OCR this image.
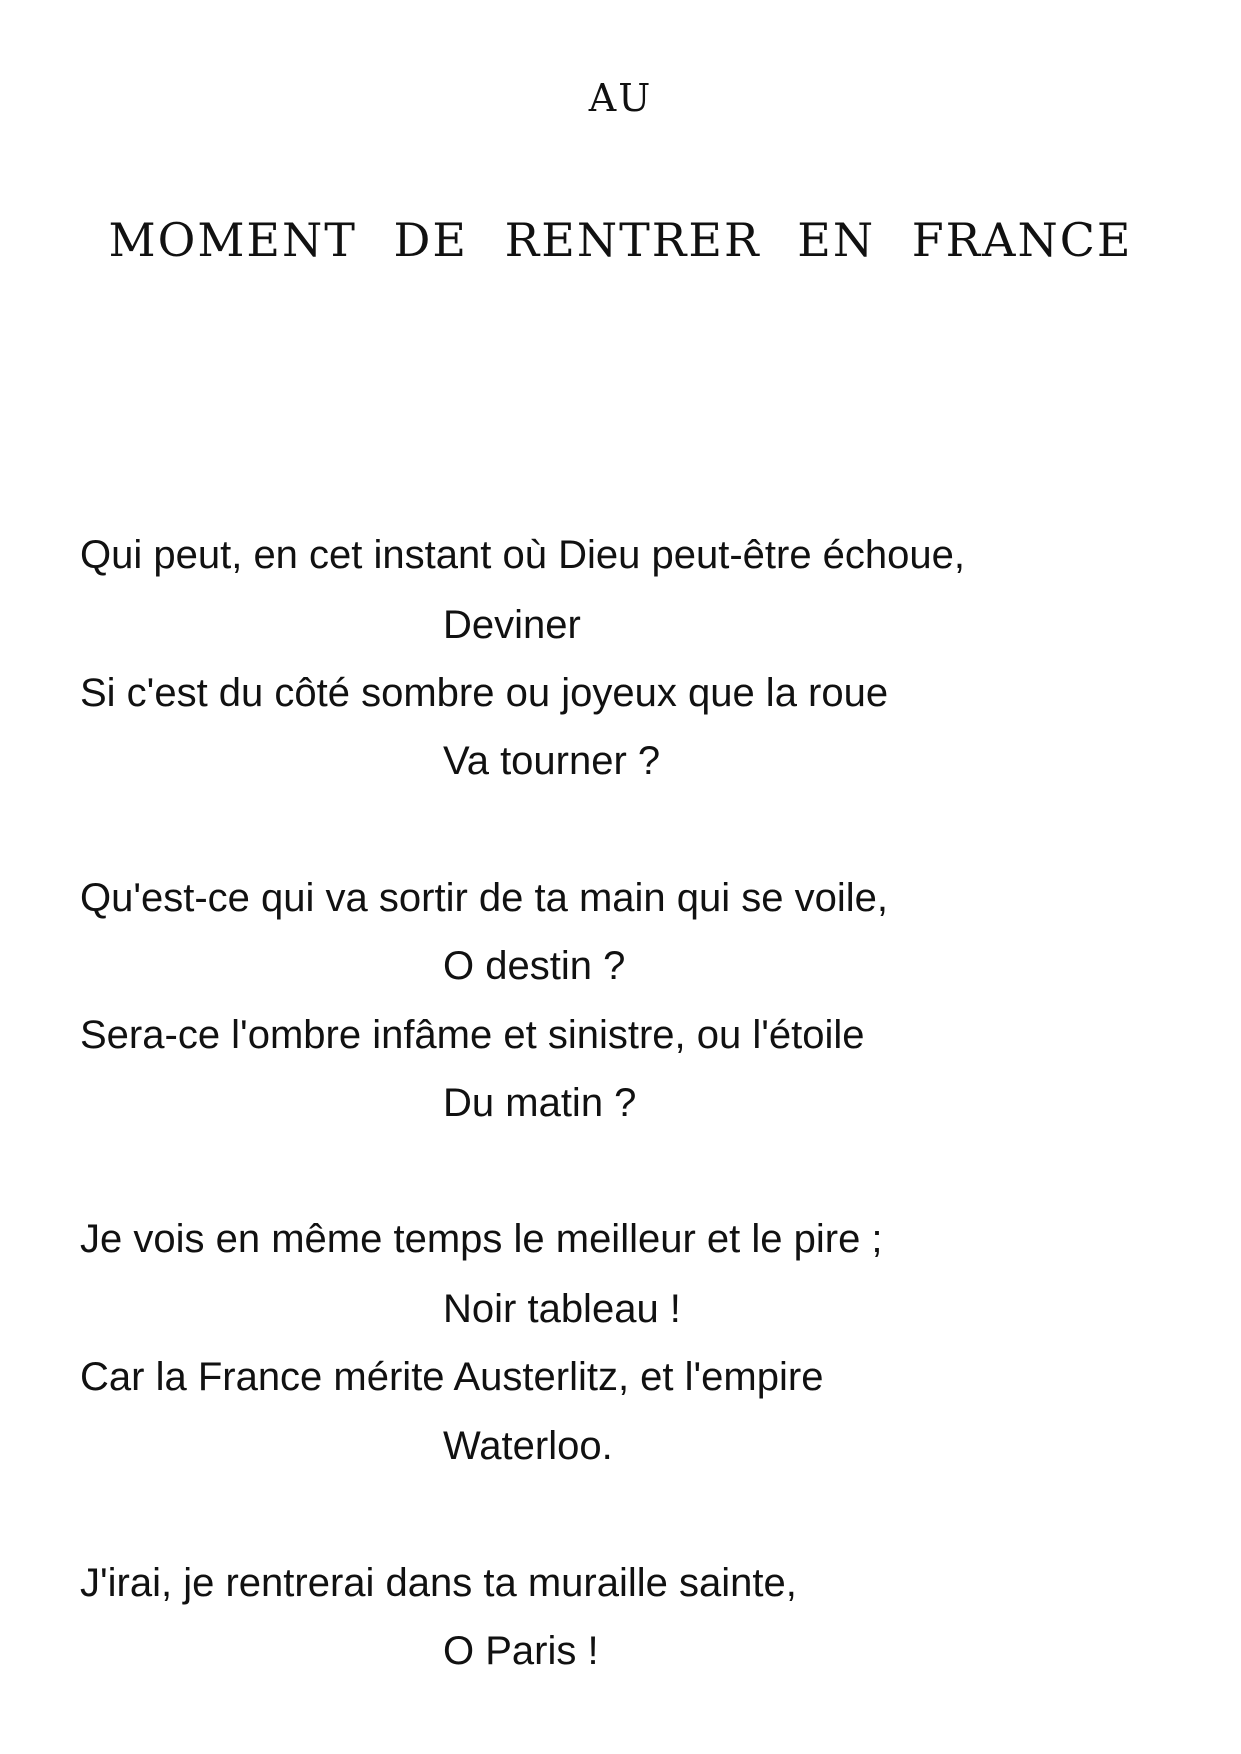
AU
MOMENT DE RENTRER EN FRANCE
Qui peut, en cet instant où Dieu peut-être échoue,
Deviner
Si c'est du côté sombre ou joyeux que la roue
Va tourner ?
Qu'est-ce qui va sortir de ta main qui se voile,
O destin ?
Sera-ce l'ombre infâme et sinistre, ou l'étoile
Du matin ?
Je vois en même temps le meilleur et le pire ;
Noir tableau !
Car la France mérite Austerlitz, et l'empire
Waterloo.
J'irai, je rentrerai dans ta muraille sainte,
O Paris !
